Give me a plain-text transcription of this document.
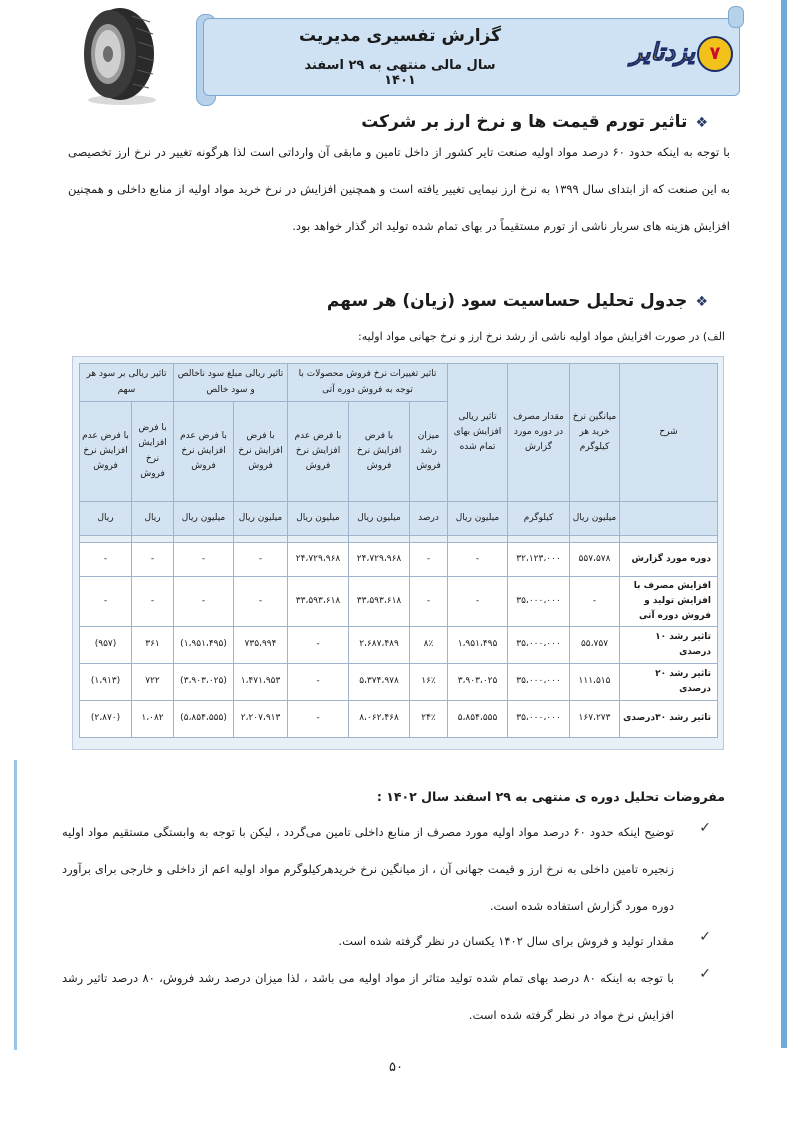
گزارش تفسیری مدیریت
سال مالی منتهی به ۲۹ اسفند ۱۴۰۱
۷
یزدتایر
❖تاثیر تورم قیمت ها و نرخ ارز بر شرکت
با توجه به اینکه حدود ۶۰ درصد مواد اولیه صنعت تایر کشور از داخل تامین و مابقی آن وارداتی است لذا هرگونه تغییر در نرخ ارز تخصیصی به این صنعت که از ابتدای سال ۱۳۹۹ به نرخ ارز نیمایی تغییر یافته است و همچنین افزایش در نرخ خرید مواد اولیه از منابع داخلی و همچنین افزایش هزینه های سربار ناشی از تورم مستقیماً در بهای تمام شده تولید اثر گذار خواهد بود.
❖جدول تحلیل حساسیت سود (زیان) هر سهم
الف) در صورت افزایش مواد اولیه ناشی از رشد نرخ ارز و نرخ جهانی مواد اولیه:
شرح	میانگین نرخ خرید هر کیلوگرم	مقدار مصرف در دوره مورد گزارش	تاثیر ریالی افزایش بهای تمام شده	تاثیر تغییرات نرخ فروش محصولات با توجه به فروش دوره آتی			تاثیر ریالی مبلغ سود ناخالص و سود خالص		تاثیر ریالی بر سود هر سهم	
				میزان رشد فروش	با فرض افزایش نرخ فروش	با فرض عدم افزایش نرخ فروش	با فرض افزایش نرخ فروش	با فرض عدم افزایش نرخ فروش	با فرض افزایش نرخ فروش	با فرض عدم افزایش نرخ فروش
	میلیون ریال	کیلوگرم	میلیون ریال	درصد	میلیون ریال	میلیون ریال	میلیون ریال	میلیون ریال	ریال	ریال

دوره مورد گزارش	۵۵۷،۵۷۸	۳۲،۱۲۳،۰۰۰	-	-	۲۴،۷۲۹،۹۶۸	۲۴،۷۲۹،۹۶۸	-	-	-	-
افزایش مصرف با افزایش تولید و فروش دوره آتی	-	۳۵،۰۰۰،۰۰۰	-	-	۳۳،۵۹۳،۶۱۸	۳۳،۵۹۳،۶۱۸	-	-	-	-
تاثیر رشد ۱۰ درصدی	۵۵،۷۵۷	۳۵،۰۰۰،۰۰۰	۱،۹۵۱،۴۹۵	۸٪	۲،۶۸۷،۴۸۹	-	۷۳۵،۹۹۴	(۱،۹۵۱،۴۹۵)	۳۶۱	(۹۵۷)
تاثیر رشد ۲۰ درصدی	۱۱۱،۵۱۵	۳۵،۰۰۰،۰۰۰	۳،۹۰۳،۰۲۵	۱۶٪	۵،۳۷۴،۹۷۸	-	۱،۴۷۱،۹۵۳	(۳،۹۰۳،۰۲۵)	۷۲۲	(۱،۹۱۳)
تاثیر رشد ۳۰درصدی	۱۶۷،۲۷۳	۳۵،۰۰۰،۰۰۰	۵،۸۵۴،۵۵۵	۲۴٪	۸،۰۶۲،۴۶۸	-	۲،۲۰۷،۹۱۳	(۵،۸۵۴،۵۵۵)	۱،۰۸۲	(۲،۸۷۰)
مفروضات تحلیل دوره ی منتهی به ۲۹ اسفند سال ۱۴۰۲ :
✓
توضیح اینکه حدود ۶۰ درصد مواد اولیه مورد مصرف از منابع داخلی تامین می‌گردد ، لیکن با توجه به وابستگی مستقیم مواد اولیه زنجیره تامین داخلی به نرخ ارز و قیمت جهانی آن ، از میانگین نرخ خریدهرکیلوگرم مواد اولیه اعم از داخلی و خارجی برای برآورد دوره مورد گزارش استفاده شده است.
✓
مقدار تولید و فروش برای سال ۱۴۰۲ یکسان در نظر گرفته شده است.
✓
با توجه به اینکه ۸۰ درصد بهای تمام شده تولید متاثر از مواد اولیه می باشد ، لذا میزان درصد رشد فروش، ۸۰ درصد تاثیر رشد افزایش نرخ مواد در نظر گرفته شده است.
۵۰
